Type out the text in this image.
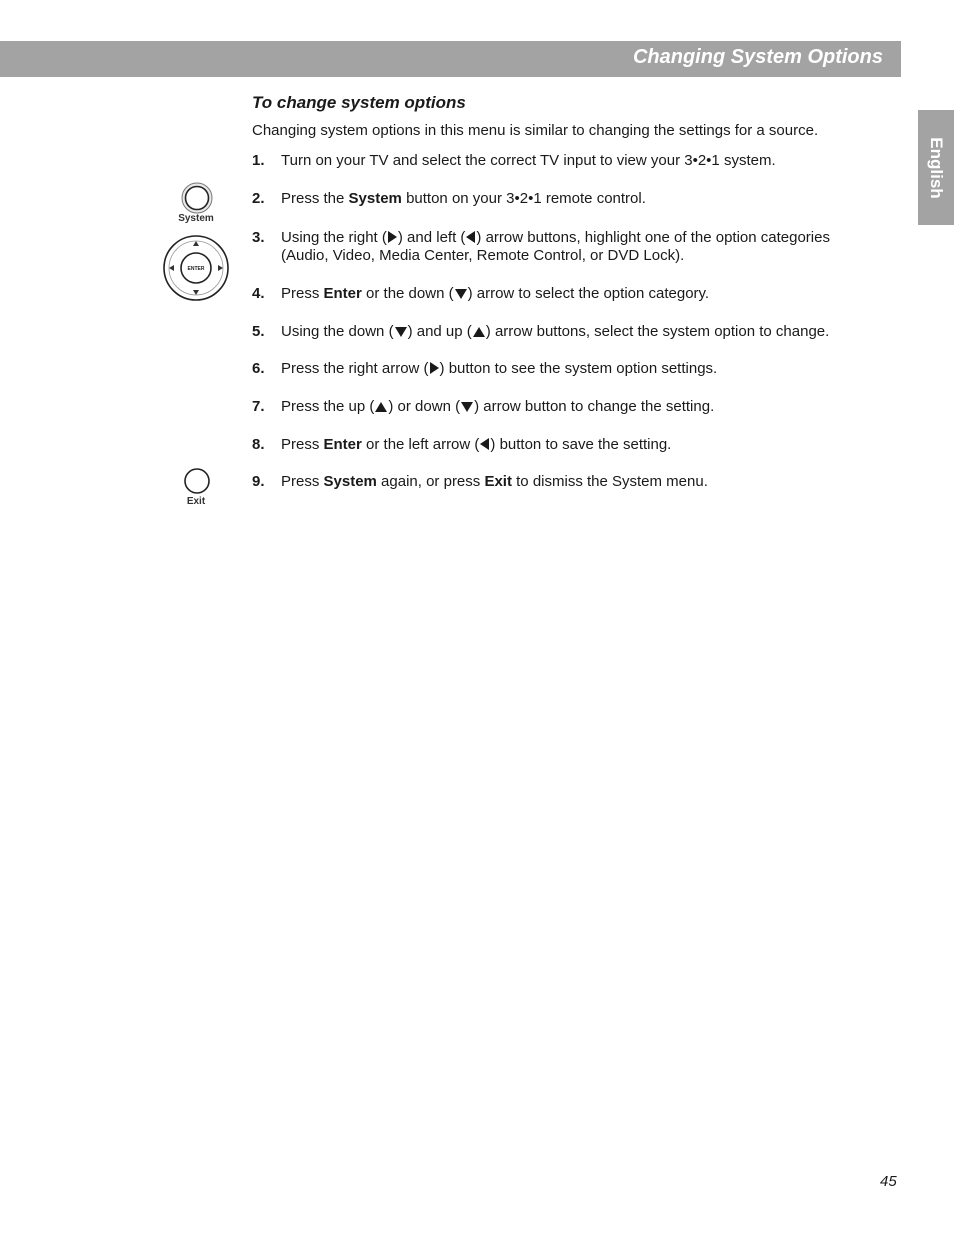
Changing System Options
English
To change system options
Changing system options in this menu is similar to changing the settings for a source.
1. Turn on your TV and select the correct TV input to view your 3•2•1 system.
2. Press the System button on your 3•2•1 remote control.
3. Using the right ( ) and left ( ) arrow buttons, highlight one of the option categories (Audio, Video, Media Center, Remote Control, or DVD Lock).
4. Press Enter or the down ( ) arrow to select the option category.
5. Using the down ( ) and up ( ) arrow buttons, select the system option to change.
6. Press the right arrow ( ) button to see the system option settings.
7. Press the up ( ) or down ( ) arrow button to change the setting.
8. Press Enter or the left arrow ( ) button to save the setting.
9. Press System again, or press Exit to dismiss the System menu.
System
ENTER
Exit
45
